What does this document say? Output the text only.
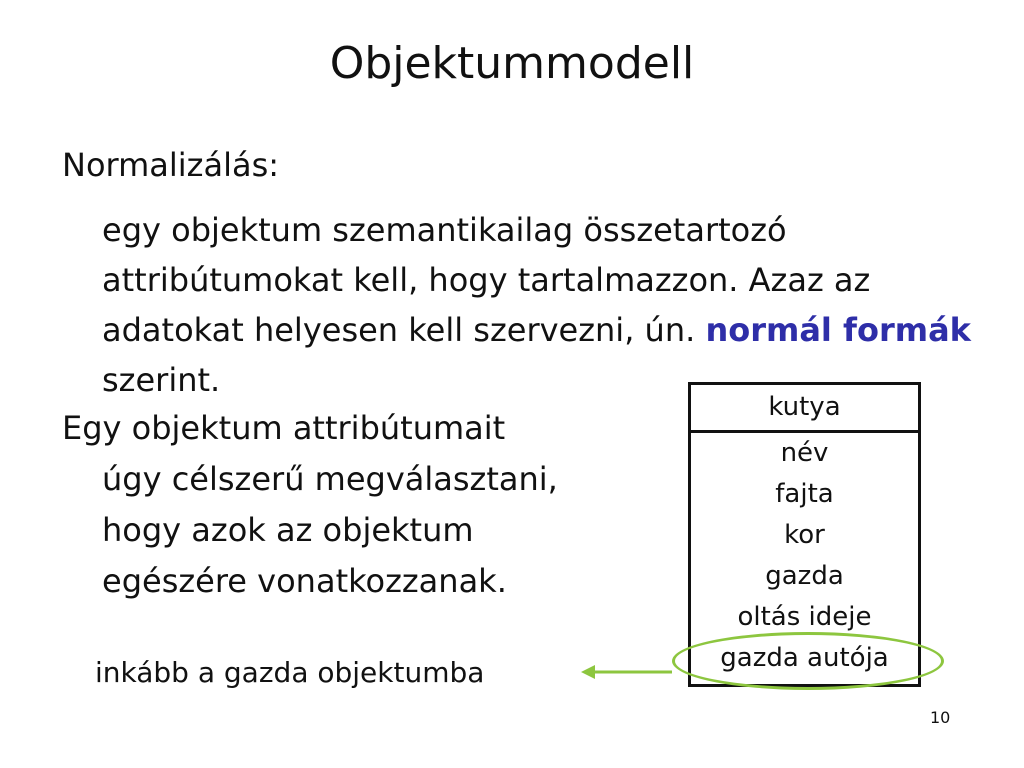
Objektummodell
Normalizálás:

egy objektum szemantikailag összetartozó attribútumokat kell, hogy tartalmazzon. Azaz az adatokat helyesen kell szervezni, ún. normál formák szerint.

Egy objektum attribútumait
úgy célszerű megválasztani,
hogy azok az objektum
egészére vonatkozzanak.

kutya
név
fajta
kor
gazda
oltás ideje
gazda autója
inkább a gazda objektumba
10
